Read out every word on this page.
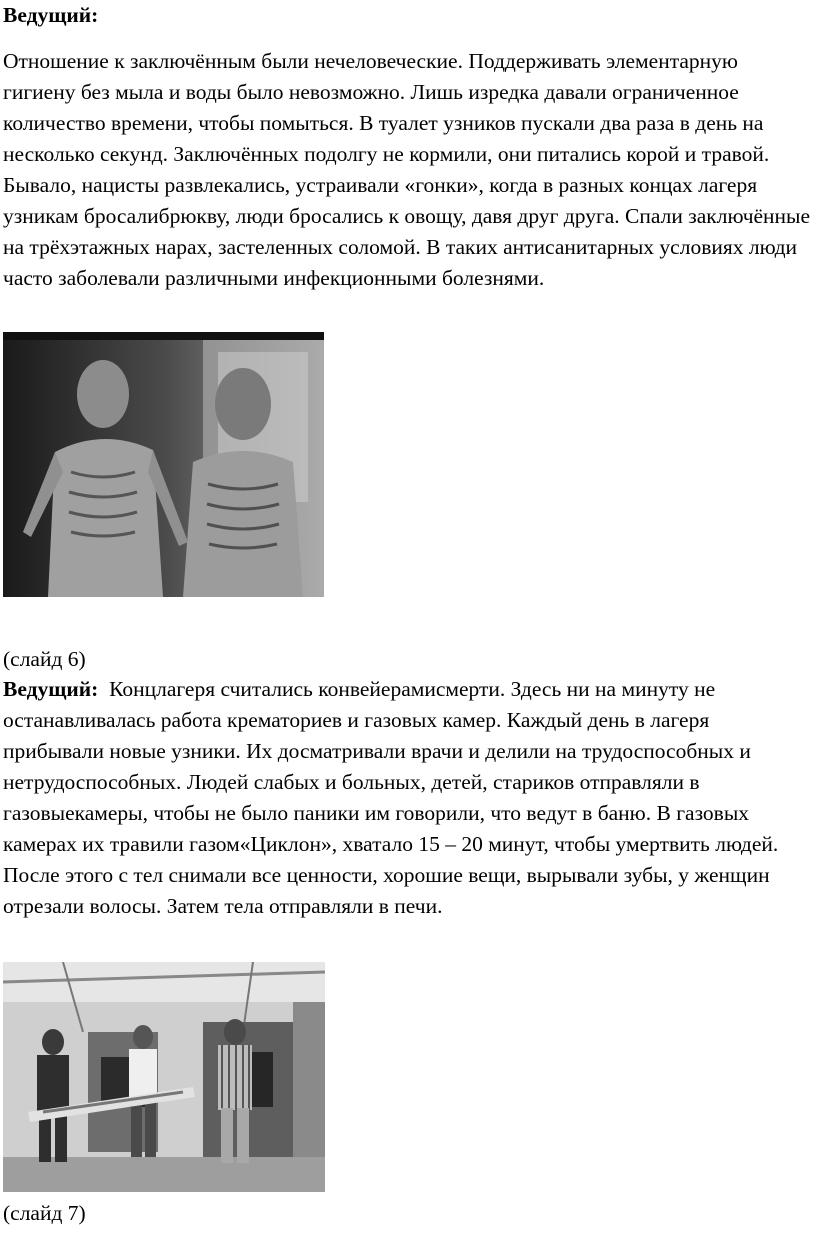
Ведущий:

Отношение к заключённым были нечеловеческие. Поддерживать элементарную гигиену без мыла и воды было невозможно. Лишь изредка давали ограниченное количество времени, чтобы помыться. В туалет узников пускали два раза в день на несколько секунд. Заключённых подолгу не кормили, они питались корой и травой. Бывало, нацисты развлекались, устраивали «гонки», когда в разных концах лагеря узникам бросалибрюкву, люди бросались к овощу, давя друг друга. Спали заключённые на трёхэтажных нарах, застеленных соломой. В таких антисанитарных условиях люди часто заболевали различными инфекционными болезнями.

(слайд 6)

Ведущий: Концлагеря считались конвейерамисмерти. Здесь ни на минуту не останавливалась работа крематориев и газовых камер. Каждый день в лагеря прибывали новые узники. Их досматривали врачи и делили на трудоспособных и нетрудоспособных. Людей слабых и больных, детей, стариков отправляли в газовыекамеры, чтобы не было паники им говорили, что ведут в баню. В газовых камерах их травили газом«Циклон», хватало 15 – 20 минут, чтобы умертвить людей. После этого с тел снимали все ценности, хорошие вещи, вырывали зубы, у женщин отрезали волосы. Затем тела отправляли в печи.

(слайд 7)
